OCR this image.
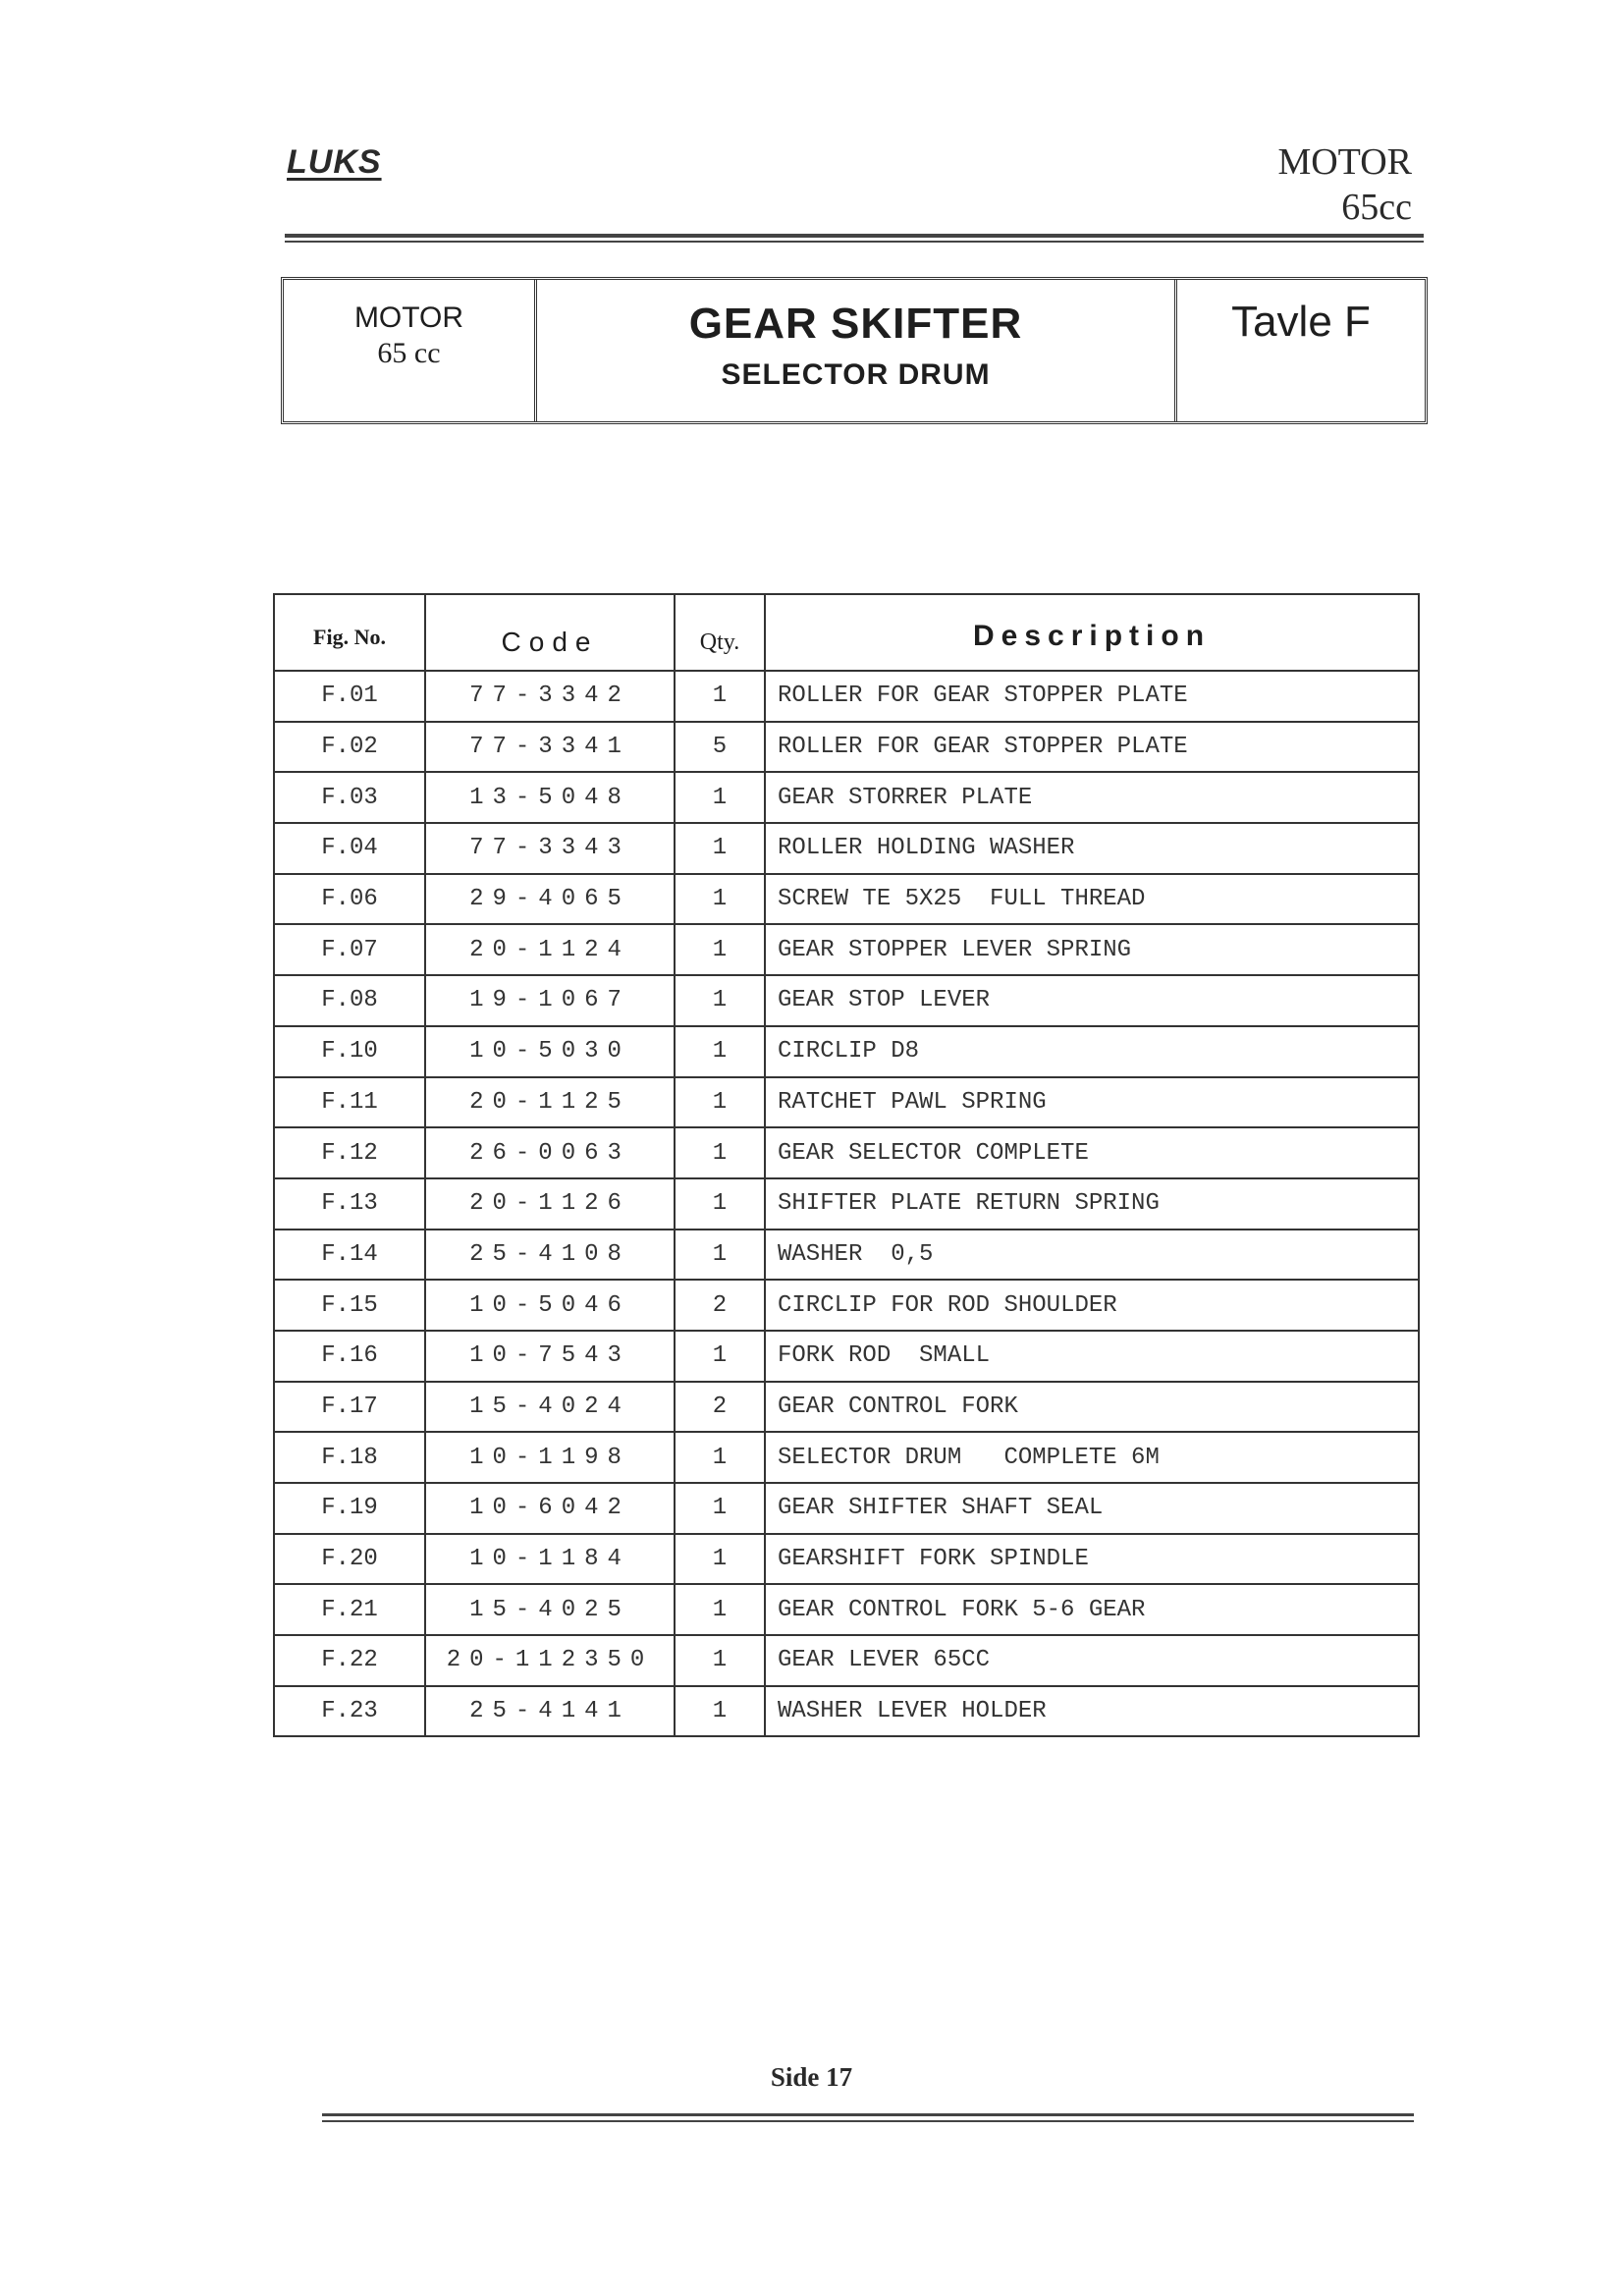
LUKS	MOTOR
65cc
MOTOR
65 cc
GEAR SKIFTER
SELECTOR DRUM
Tavle F
Fig. No.	Code	Qty.	Description
F.01	77-3342	1	ROLLER FOR GEAR STOPPER PLATE
F.02	77-3341	5	ROLLER FOR GEAR STOPPER PLATE
F.03	13-5048	1	GEAR STORRER PLATE
F.04	77-3343	1	ROLLER HOLDING WASHER
F.06	29-4065	1	SCREW TE 5X25  FULL THREAD
F.07	20-1124	1	GEAR STOPPER LEVER SPRING
F.08	19-1067	1	GEAR STOP LEVER
F.10	10-5030	1	CIRCLIP D8
F.11	20-1125	1	RATCHET PAWL SPRING
F.12	26-0063	1	GEAR SELECTOR COMPLETE
F.13	20-1126	1	SHIFTER PLATE RETURN SPRING
F.14	25-4108	1	WASHER  0,5
F.15	10-5046	2	CIRCLIP FOR ROD SHOULDER
F.16	10-7543	1	FORK ROD  SMALL
F.17	15-4024	2	GEAR CONTROL FORK
F.18	10-1198	1	SELECTOR DRUM   COMPLETE 6M
F.19	10-6042	1	GEAR SHIFTER SHAFT SEAL
F.20	10-1184	1	GEARSHIFT FORK SPINDLE
F.21	15-4025	1	GEAR CONTROL FORK 5-6 GEAR
F.22	20-112350	1	GEAR LEVER 65CC
F.23	25-4141	1	WASHER LEVER HOLDER
Side 17
